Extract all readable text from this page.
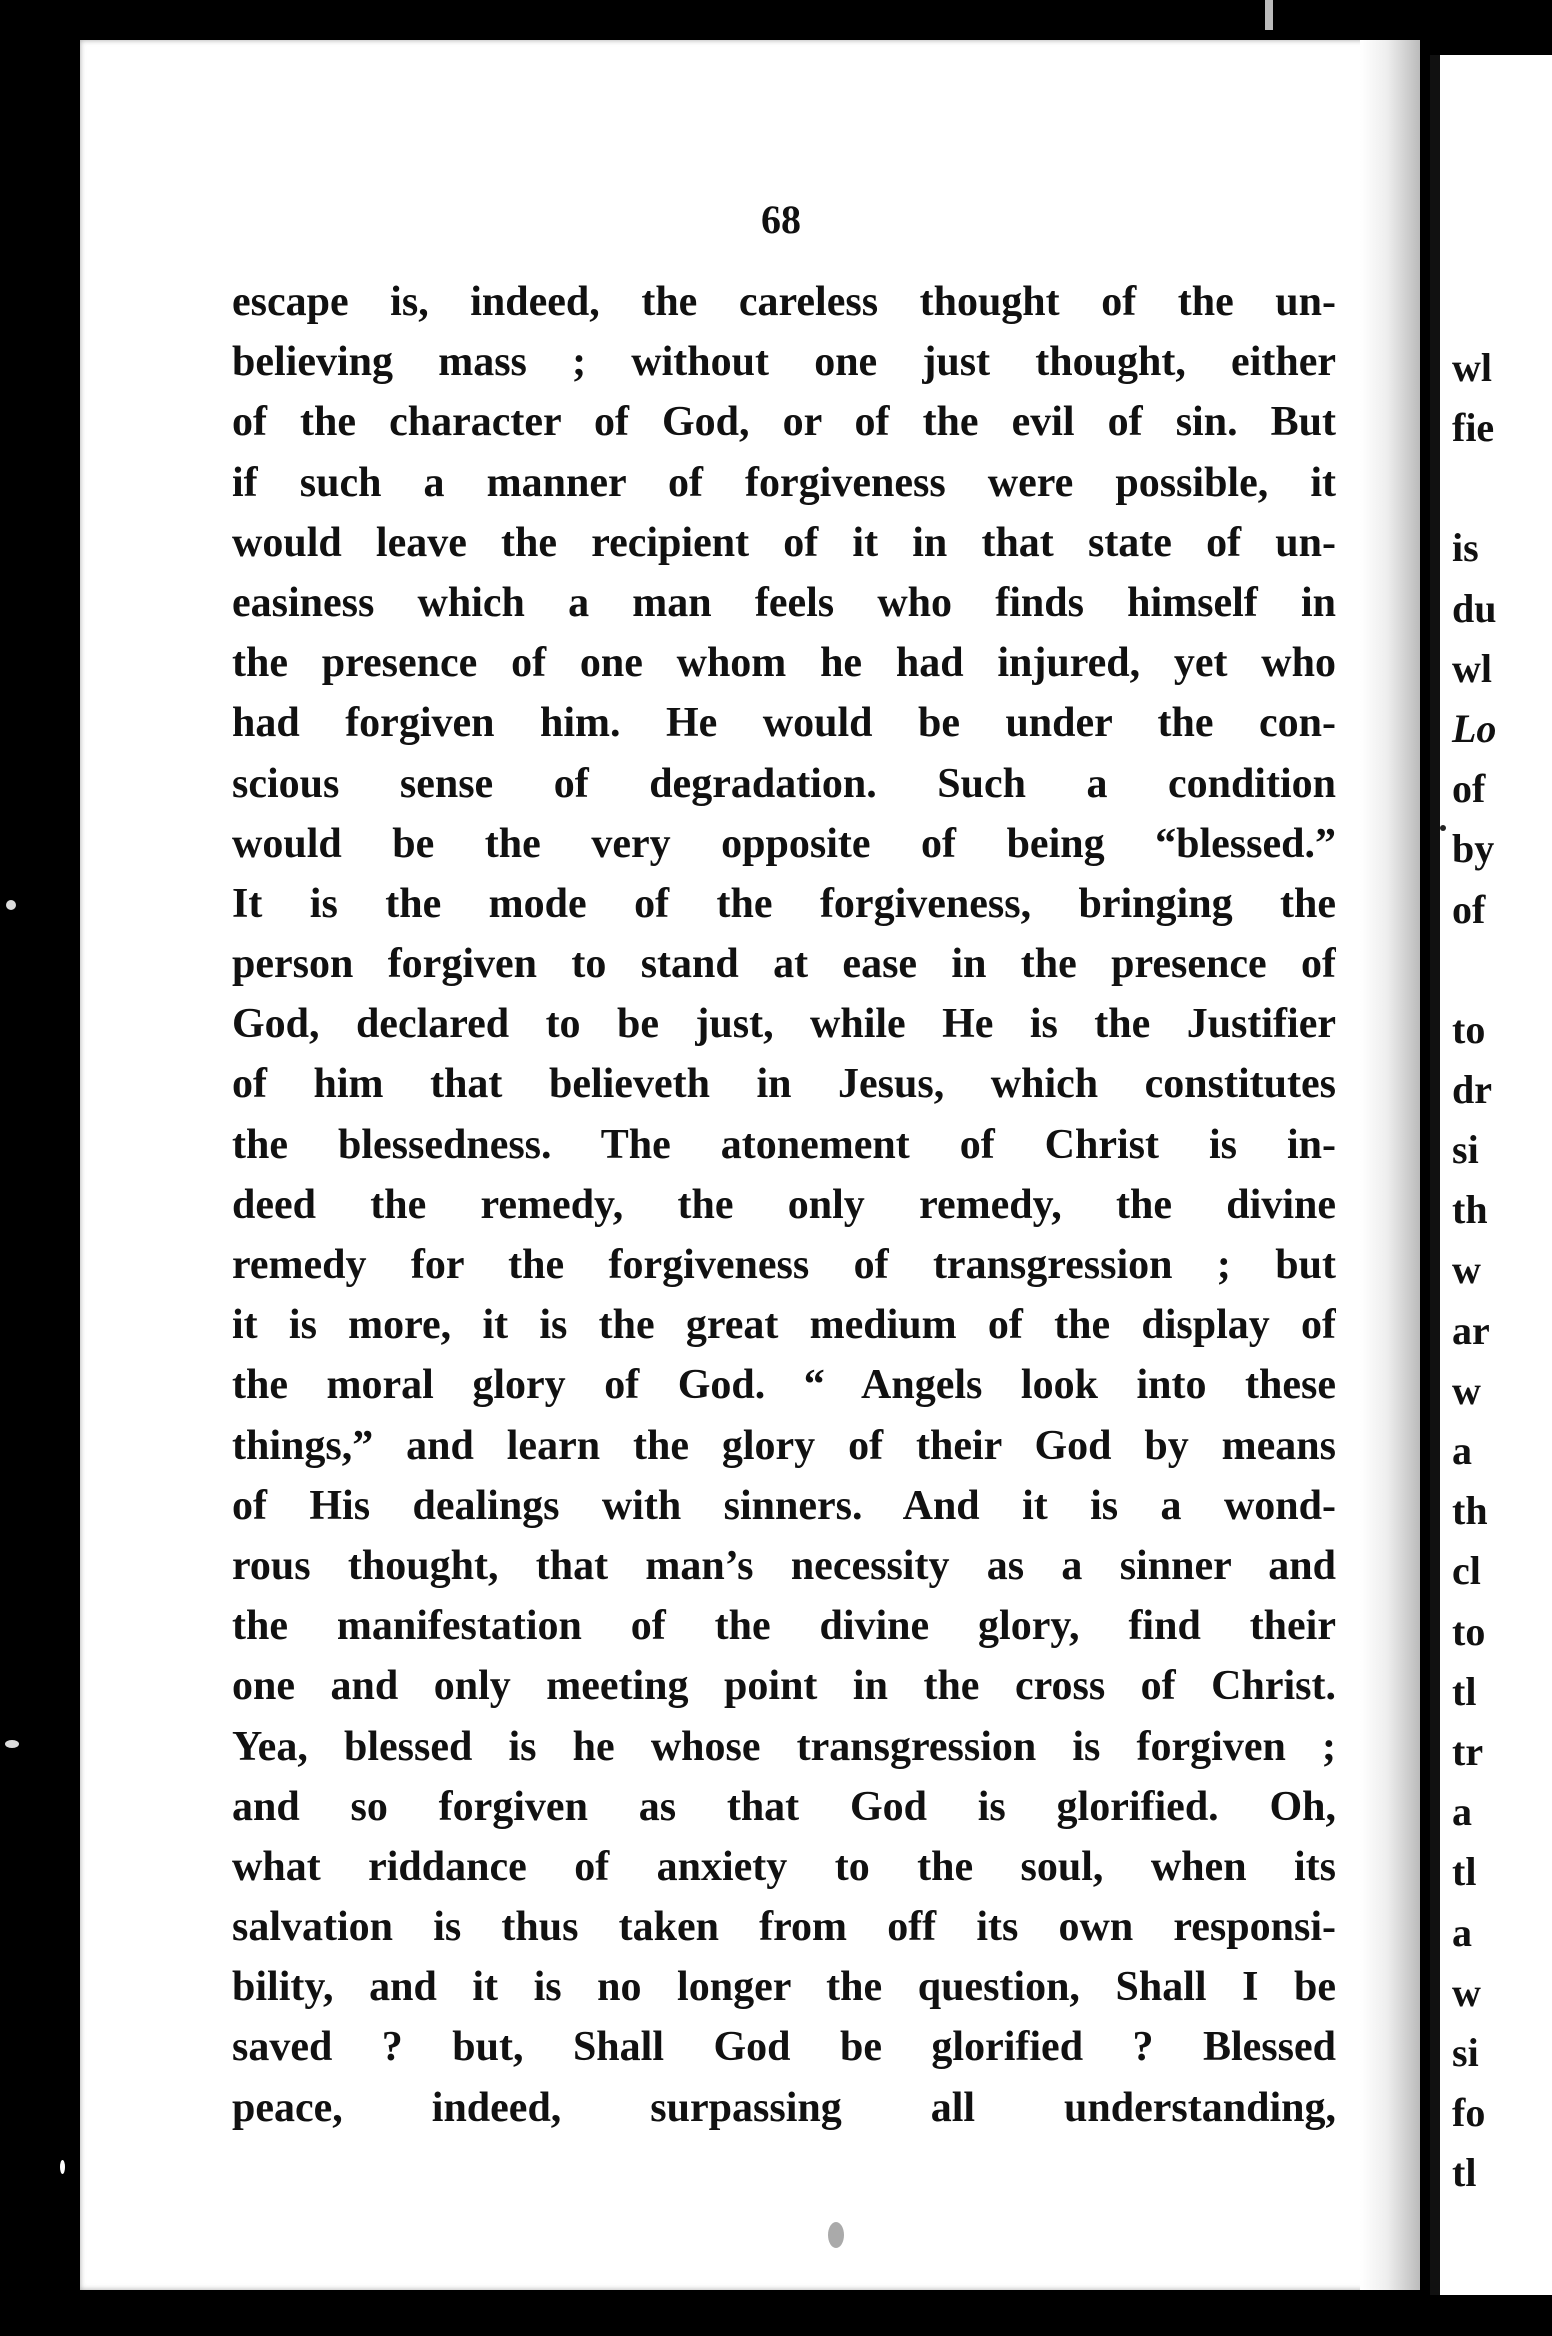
wl
fie
is
du
wl
Lo
of
by
of
to
dr
si
th
w
ar
w
a
th
cl
to
tl
tr
a
tl
a
w
si
fo
tl
68
escape is, indeed, the careless thought of the un-
believing mass ; without one just thought, either
of the character of God, or of the evil of sin. But
if such a manner of forgiveness were possible, it
would leave the recipient of it in that state of un-
easiness which a man feels who finds himself in
the presence of one whom he had injured, yet who
had forgiven him. He would be under the con-
scious sense of degradation. Such a condition
would be the very opposite of being “blessed.”
It is the mode of the forgiveness, bringing the
person forgiven to stand at ease in the presence of
God, declared to be just, while He is the Justifier
of him that believeth in Jesus, which constitutes
the blessedness. The atonement of Christ is in-
deed the remedy, the only remedy, the divine
remedy for the forgiveness of transgression ; but
it is more, it is the great medium of the display of
the moral glory of God. “ Angels look into these
things,” and learn the glory of their God by means
of His dealings with sinners. And it is a wond-
rous thought, that man’s necessity as a sinner and
the manifestation of the divine glory, find their
one and only meeting point in the cross of Christ.
Yea, blessed is he whose transgression is forgiven ;
and so forgiven as that God is glorified. Oh,
what riddance of anxiety to the soul, when its
salvation is thus taken from off its own responsi-
bility, and it is no longer the question, Shall I be
saved ? but, Shall God be glorified ? Blessed
peace, indeed, surpassing all understanding,
